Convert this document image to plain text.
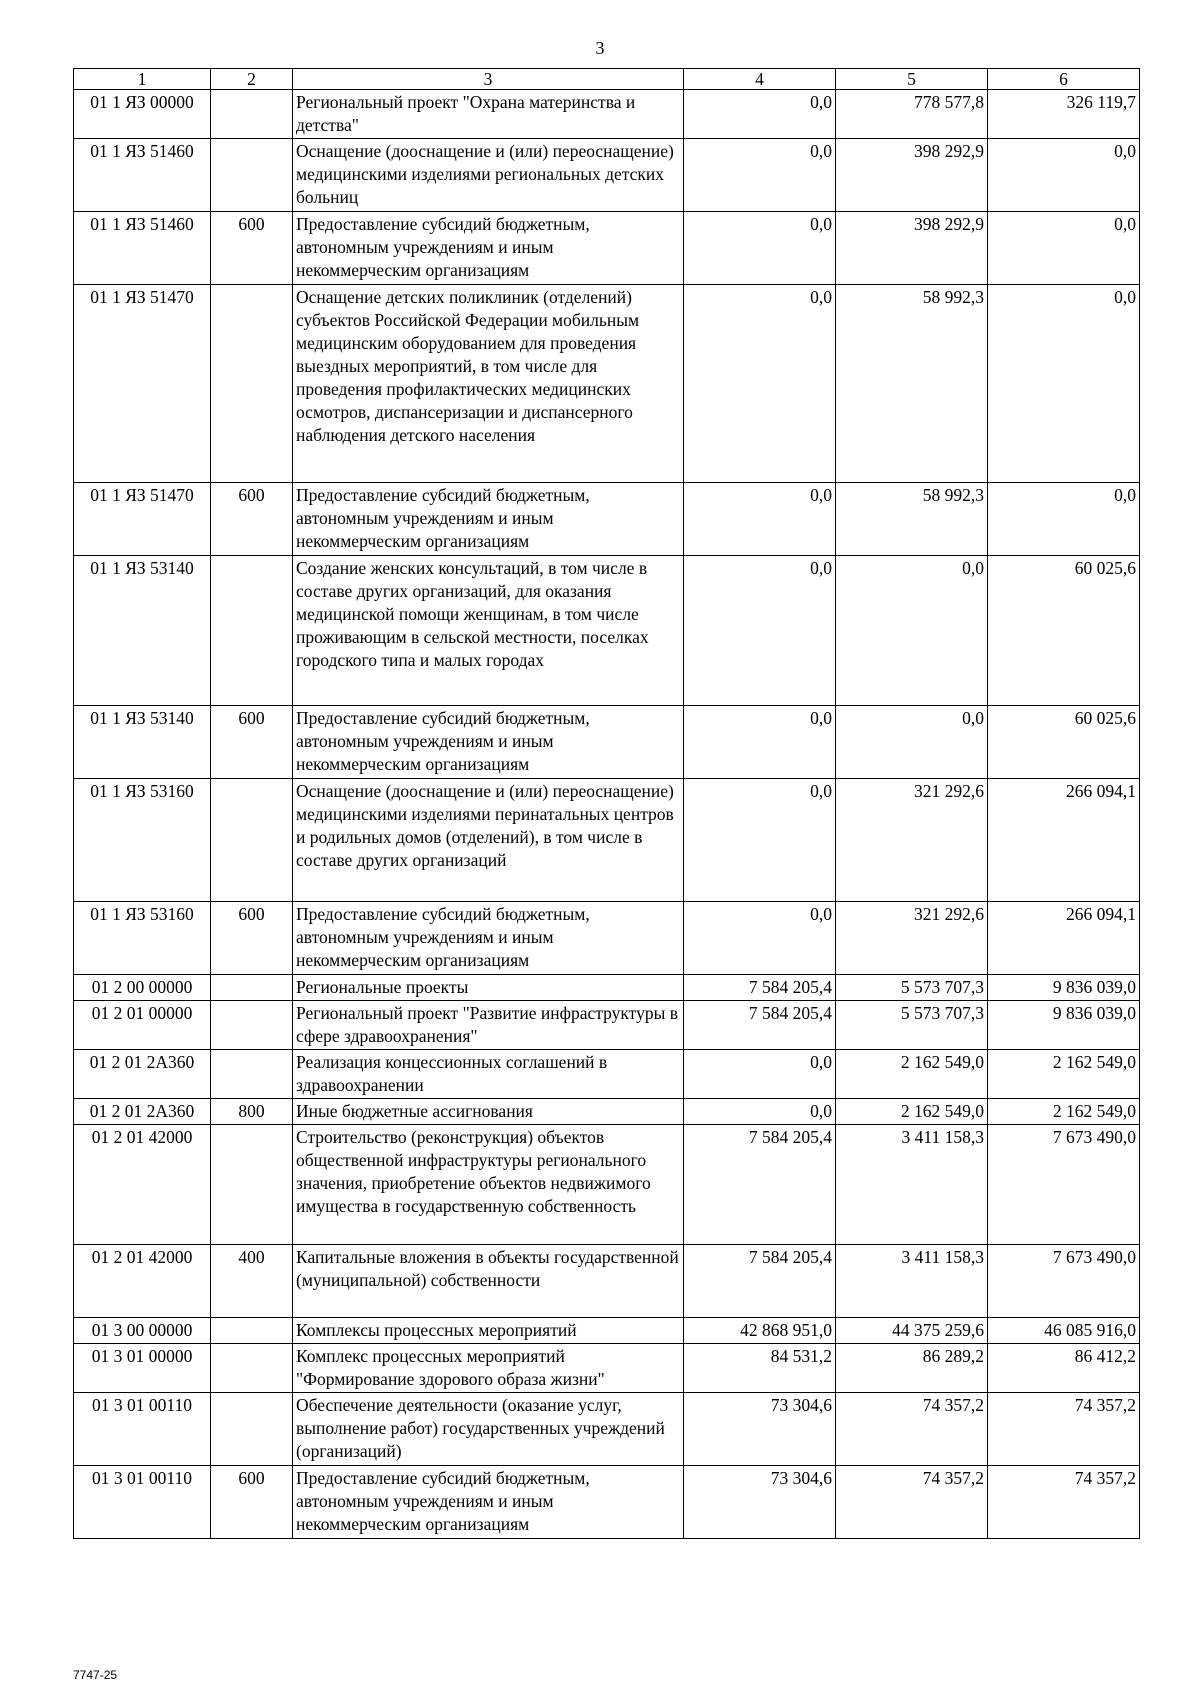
3
1	2	3	4	5	6
01 1 ЯЗ 00000		Региональный проект "Охрана материнства и детства"	0,0	778 577,8	326 119,7
01 1 ЯЗ 51460		Оснащение (дооснащение и (или) переоснащение) медицинскими изделиями региональных детских больниц	0,0	398 292,9	0,0
01 1 ЯЗ 51460	600	Предоставление субсидий бюджетным, автономным учреждениям и иным некоммерческим организациям	0,0	398 292,9	0,0
01 1 ЯЗ 51470		Оснащение детских поликлиник (отделений) субъектов Российской Федерации мобильным медицинским оборудованием для проведения выездных мероприятий, в том числе для проведения профилактических медицинских осмотров, диспансеризации и диспансерного наблюдения детского населения	0,0	58 992,3	0,0
01 1 ЯЗ 51470	600	Предоставление субсидий бюджетным, автономным учреждениям и иным некоммерческим организациям	0,0	58 992,3	0,0
01 1 ЯЗ 53140		Создание женских консультаций, в том числе в составе других организаций, для оказания медицинской помощи женщинам, в том числе проживающим в сельской местности, поселках городского типа и малых городах	0,0	0,0	60 025,6
01 1 ЯЗ 53140	600	Предоставление субсидий бюджетным, автономным учреждениям и иным некоммерческим организациям	0,0	0,0	60 025,6
01 1 ЯЗ 53160		Оснащение (дооснащение и (или) переоснащение) медицинскими изделиями перинатальных центров и родильных домов (отделений), в том числе в составе других организаций	0,0	321 292,6	266 094,1
01 1 ЯЗ 53160	600	Предоставление субсидий бюджетным, автономным учреждениям и иным некоммерческим организациям	0,0	321 292,6	266 094,1
01 2 00 00000		Региональные проекты	7 584 205,4	5 573 707,3	9 836 039,0
01 2 01 00000		Региональный проект "Развитие инфраструктуры в сфере здравоохранения"	7 584 205,4	5 573 707,3	9 836 039,0
01 2 01 2А360		Реализация концессионных соглашений в здравоохранении	0,0	2 162 549,0	2 162 549,0
01 2 01 2А360	800	Иные бюджетные ассигнования	0,0	2 162 549,0	2 162 549,0
01 2 01 42000		Строительство (реконструкция) объектов общественной инфраструктуры регионального значения, приобретение объектов недвижимого имущества в государственную собственность	7 584 205,4	3 411 158,3	7 673 490,0
01 2 01 42000	400	Капитальные вложения в объекты государственной (муниципальной) собственности	7 584 205,4	3 411 158,3	7 673 490,0
01 3 00 00000		Комплексы процессных мероприятий	42 868 951,0	44 375 259,6	46 085 916,0
01 3 01 00000		Комплекс процессных мероприятий "Формирование здорового образа жизни"	84 531,2	86 289,2	86 412,2
01 3 01 00110		Обеспечение деятельности (оказание услуг, выполнение работ) государственных учреждений (организаций)	73 304,6	74 357,2	74 357,2
01 3 01 00110	600	Предоставление субсидий бюджетным, автономным учреждениям и иным некоммерческим организациям	73 304,6	74 357,2	74 357,2
7747-25
